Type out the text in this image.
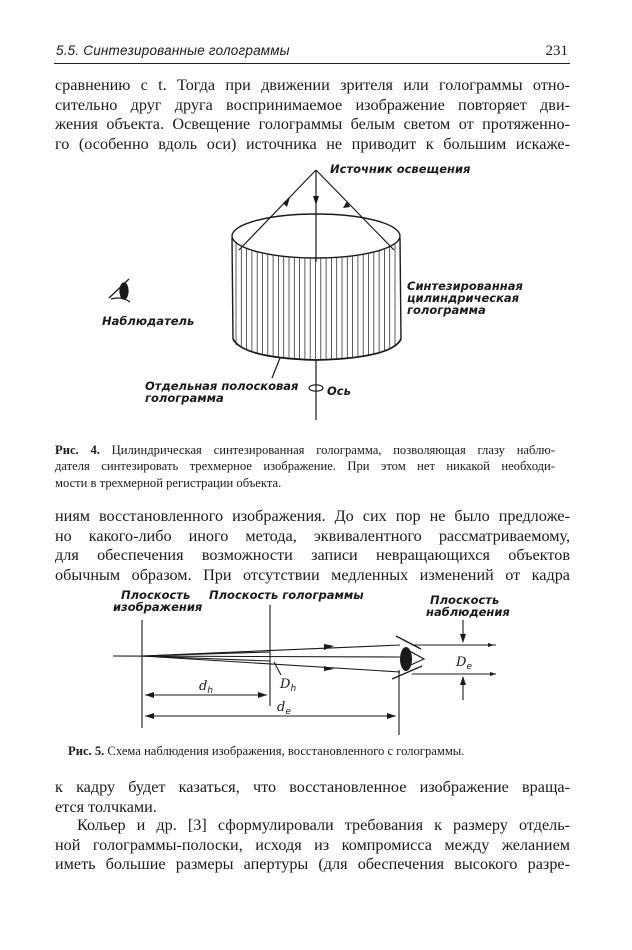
5.5. Синтезированные голограммы	231

сравнению с t. Тогда при движении зрителя или голограммы отно-
сительно друг друга воспринимаемое изображение повторяет дви-
жения объекта. Освещение голограммы белым светом от протяженно-
го (особенно вдоль оси) источника не приводит к большим искаже-

Источник освещения
Наблюдатель
Синтезированная
цилиндрическая
голограмма
Отдельная полосковая
голограмма	Ось

Рис. 4. Цилиндрическая синтезированная голограмма, позволяющая глазу наблю-
дателя синтезировать трехмерное изображение. При этом нет никакой необходи-
мости в трехмерной регистрации объекта.

ниям восстановленного изображения. До сих пор не было предложе-
но какого-либо иного метода, эквивалентного рассматриваемому,
для обеспечения возможности записи невращающихся объектов
обычным образом. При отсутствии медленных изменений от кадра

Плоскость
изображения
Плоскость голограммы	Плоскость
наблюдения
$d_h$	$D_h$
$d_e$
$D_e$

Рис. 5. Схема наблюдения изображения, восстановленного с голограммы.

к кадру будет казаться, что восстановленное изображение враща-
ется толчками.

Кольер и др. [3] сформулировали требования к размеру отдель-
ной голограммы-полоски, исходя из компромисса между желанием
иметь большие размеры апертуры (для обеспечения высокого разре-
